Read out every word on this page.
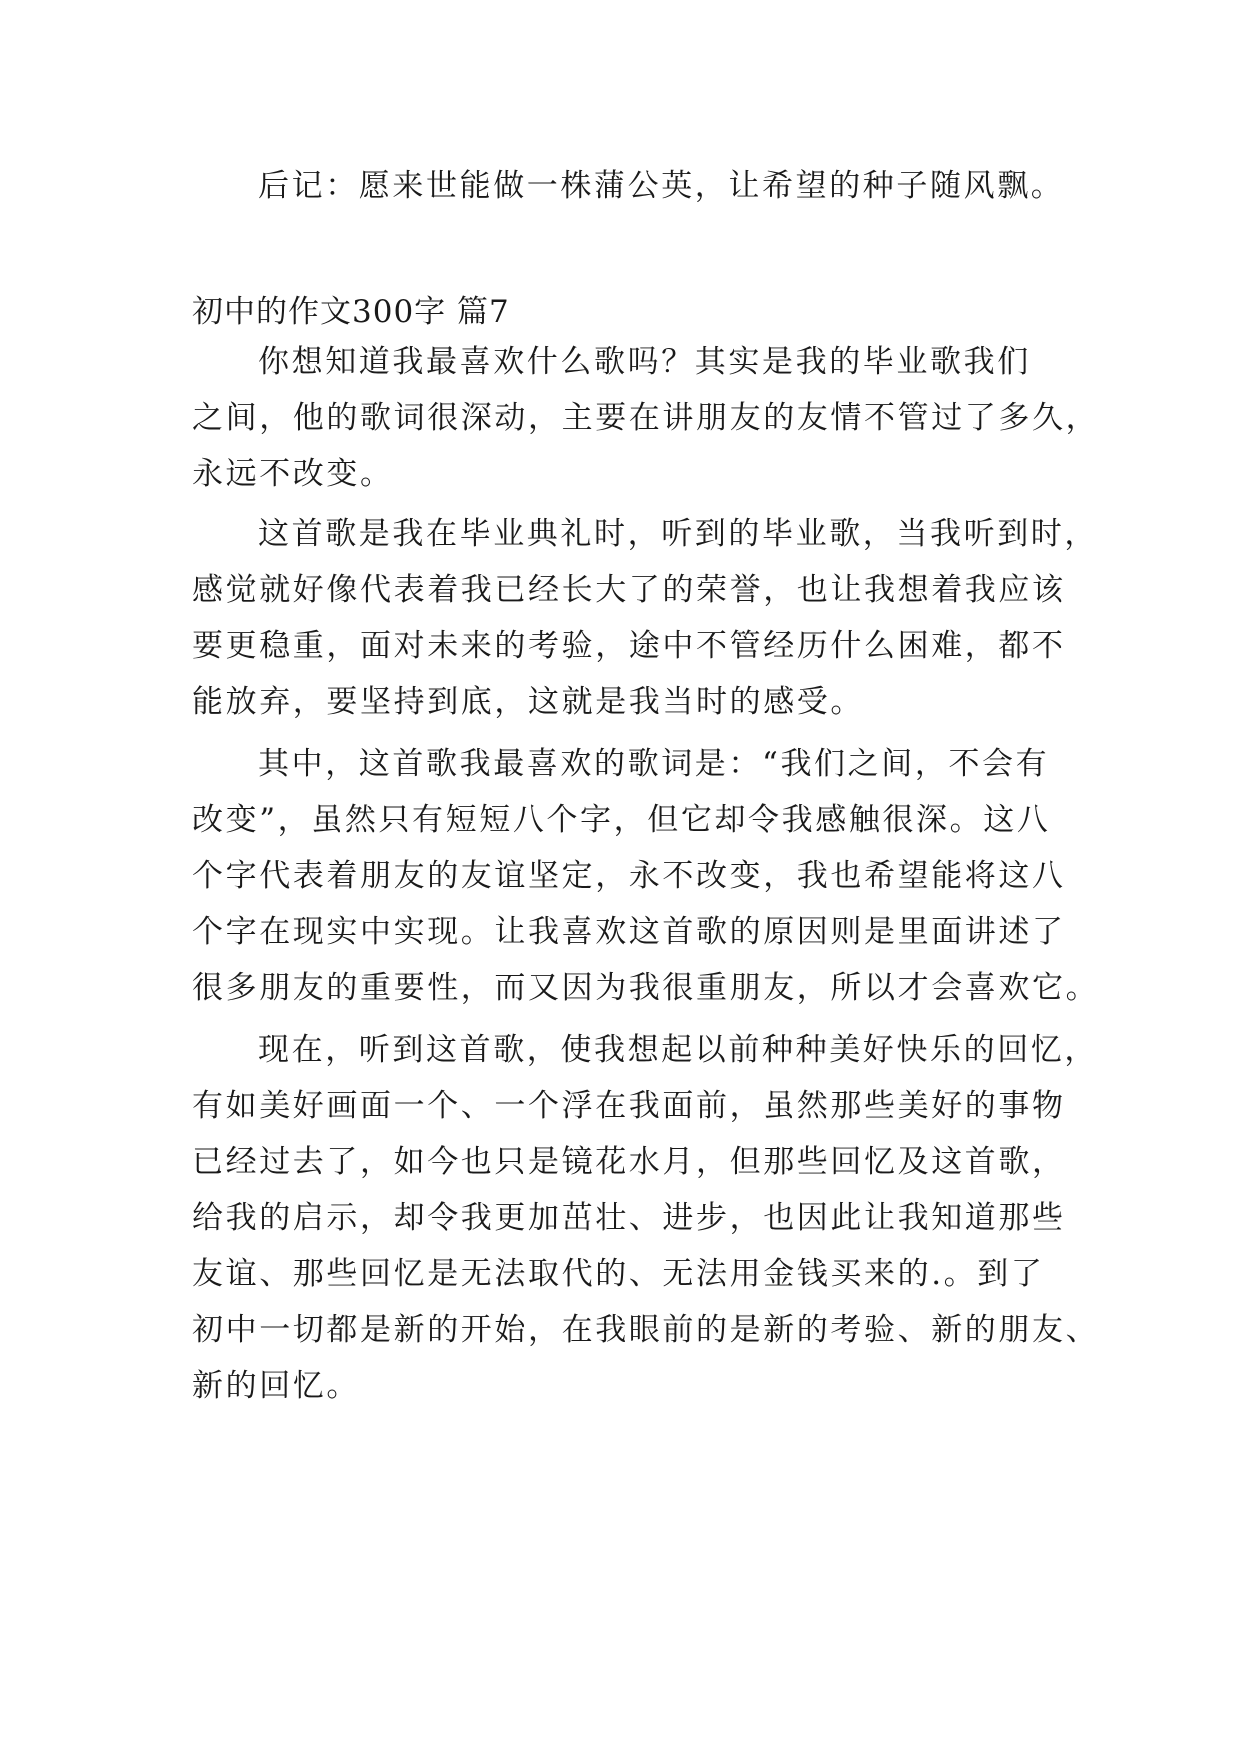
后记：愿来世能做一株蒲公英，让希望的种子随风飘。
初中的作文300字 篇7
你想知道我最喜欢什么歌吗？其实是我的毕业歌我们
之间，他的歌词很深动，主要在讲朋友的友情不管过了多久，
永远不改变。
这首歌是我在毕业典礼时，听到的毕业歌，当我听到时，
感觉就好像代表着我已经长大了的荣誉，也让我想着我应该
要更稳重，面对未来的考验，途中不管经历什么困难，都不
能放弃，要坚持到底，这就是我当时的感受。
其中，这首歌我最喜欢的歌词是：“我们之间，不会有
改变”，虽然只有短短八个字，但它却令我感触很深。这八
个字代表着朋友的友谊坚定，永不改变，我也希望能将这八
个字在现实中实现。让我喜欢这首歌的原因则是里面讲述了
很多朋友的重要性，而又因为我很重朋友，所以才会喜欢它。
现在，听到这首歌，使我想起以前种种美好快乐的回忆，
有如美好画面一个、一个浮在我面前，虽然那些美好的事物
已经过去了，如今也只是镜花水月，但那些回忆及这首歌，
给我的启示，却令我更加茁壮、进步，也因此让我知道那些
友谊、那些回忆是无法取代的、无法用金钱买来的.。到了
初中一切都是新的开始，在我眼前的是新的考验、新的朋友、
新的回忆。
